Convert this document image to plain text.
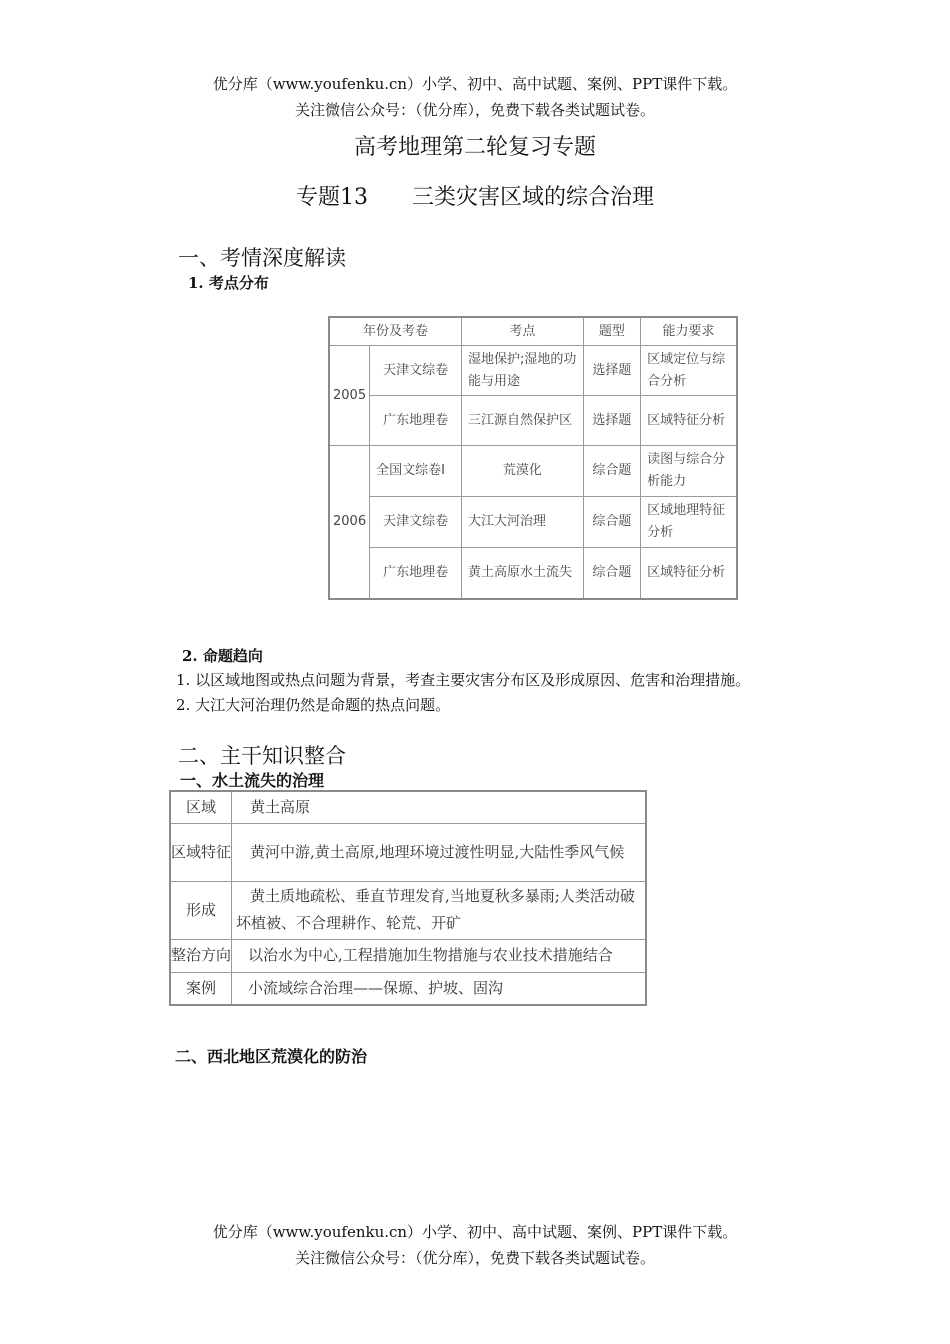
优分库（www.youfenku.cn）小学、初中、高中试题、案例、PPT课件下载。
关注微信公众号：（优分库），免费下载各类试题试卷。
高考地理第二轮复习专题
专题13　　三类灾害区域的综合治理
一、考情深度解读
1. 考点分布
年份及考卷		考点	题型	能力要求
2005	天津文综卷	湿地保护;湿地的功能与用途	选择题	区域定位与综合分析
	广东地理卷	三江源自然保护区	选择题	区域特征分析
2006	全国文综卷Ⅰ	荒漠化	综合题	读图与综合分析能力
	天津文综卷	大江大河治理	综合题	区域地理特征分析
	广东地理卷	黄土高原水土流失	综合题	区域特征分析
2. 命题趋向
1. 以区域地图或热点问题为背景，考查主要灾害分布区及形成原因、危害和治理措施。
2. 大江大河治理仍然是命题的热点问题。
二、主干知识整合
一、水土流失的治理
区域	黄土高原
区域特征	黄河中游,黄土高原,地理环境过渡性明显,大陆性季风气候
形成	黄土质地疏松、垂直节理发育,当地夏秋多暴雨;人类活动破坏植被、不合理耕作、轮荒、开矿
整治方向	以治水为中心,工程措施加生物措施与农业技术措施结合
案例	小流域综合治理——保塬、护坡、固沟
二、西北地区荒漠化的防治
优分库（www.youfenku.cn）小学、初中、高中试题、案例、PPT课件下载。
关注微信公众号：（优分库），免费下载各类试题试卷。
